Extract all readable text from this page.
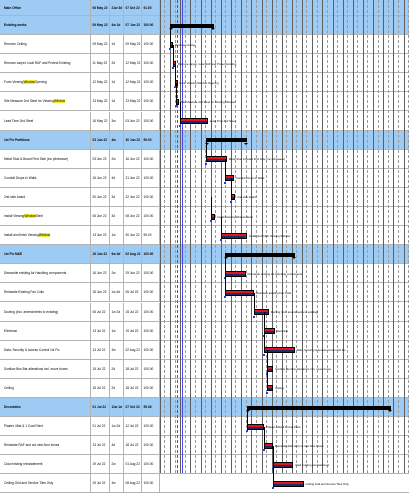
Main Office	06 May 22	21w 3d	07 Oct 22	91.00
Existing works	09 May 22	4w 1d	07 Jun 22	100.00
Remove Ceiling	09 May 22	1d	09 May 22 100.00
Remove carpet, local RAF and Protect Existing	11 May 22	2d	12 May 22 100.00
Form Viewing Window Opening	12 May 22	1d	12 May 22 100.00
Site Measure 2nd Steel for Viewing Window	13 May 22	1d	13 May 22 100.00
Lead Time 2nd Steel	16 May 22	3w	03 Jun 22	100.00
1st Fix Partitions	03 Jun 22	4w	30 Jun 22	99.00
Metal Stud & Board First Side (inc plinewave)	03 Jun 22	2w	16 Jun 22	100.00
Conduit Drops In Walls	16 Jun 22	4d	21 Jun 22	100.00
2nd side board	20 Jun 22	3d	22 Jun 22	100.00
Install Viewing Window Steel	06 Jun 22	3d	08 Jun 22	100.00
Install and finish Viewing Window	13 Jun 22	1w	30 Jun 22	95.00
1st Fix M&E	16 Jun 22	6w 4d	02 Aug 22 100.00
Dismantle existing Air Handling components	16 Jun 22	2w	29 Jun 22	100.00
Reinstate Existing Fan Coils	16 Jun 22	1w 4d	05 Jul 22	100.00
Ducting (Incl. amendments to existing)	06 Jul 22	1w 2d	15 Jul 22	100.00
Electrical	13 Jul 22	1w	19 Jul 22	100.00
Data, Security & Access Control 1st Fix	13 Jul 22	3w	02 Aug 22	100.00
Sunflow Bus Bar alterations incl. move boxes	15 Jul 22	2d	18 Jul 22	100.00
Ceiling	15 Jul 22	2d	18 Jul 22	100.00
Decoration	01 Jul 22	11w 1d	07 Oct 22	95.36
Plaster, Mist & 1 Coat Paint	01 Jul 22	1w 2d	12 Jul 22	100.00
Reinstate RAF and cut new floor boxes	13 Jul 22	4d	18 Jul 22	100.00
Clad existing reinstatement	19 Jul 22	2w	01 Aug 22	100.00
Ceiling Grid and Service Tiles Only	19 Jul 22	3w	08 Aug 22	100.00
Remove Ceiling
Remove carpet, local RAF and Protect Existing
Form Viewing Window Opening
Site Measure 2nd Steel for Viewing Window
Lead Time 2nd Steel
Metal Stud & Board First Side (inc plinewave)
Conduit Drops In Walls
2nd side board
Install Viewing Window Steel
Install and finish Viewing Window
Dismantle existing Air Handling components
Reinstate Existing Fan Coils
Ducting (incl. amendments to existing)
Electrical
Data, Security & Access Control 1st Fix
Sunflow Bus Bar alterations incl. move boxes
Ceiling
Plaster, Mist & 1 Coat Paint
Reinstate RAF and cut new floor boxes
Clad existing reinstatement
Ceiling Grid and Service Tiles Only
